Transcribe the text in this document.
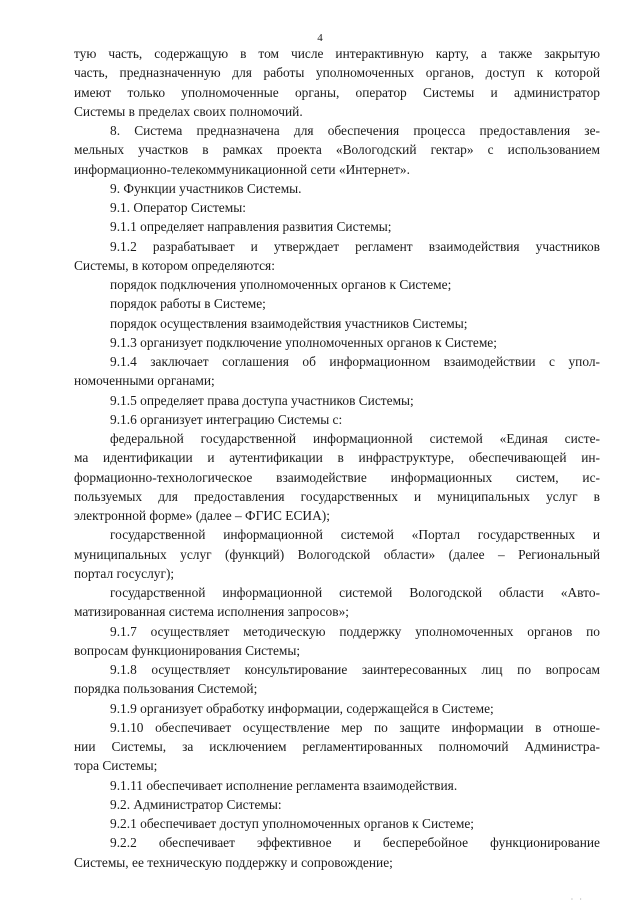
4
тую часть, содержащую в том числе интерактивную карту, а также закрытую
часть, предназначенную для работы уполномоченных органов, доступ к которой
имеют только уполномоченные органы, оператор Системы и администратор
Системы в пределах своих полномочий.
8. Система предназначена для обеспечения процесса предоставления зе-
мельных участков в рамках проекта «Вологодский гектар» с использованием
информационно-телекоммуникационной сети «Интернет».
9. Функции участников Системы.
9.1. Оператор Системы:
9.1.1 определяет направления развития Системы;
9.1.2 разрабатывает и утверждает регламент взаимодействия участников
Системы, в котором определяются:
порядок подключения уполномоченных органов к Системе;
порядок работы в Системе;
порядок осуществления взаимодействия участников Системы;
9.1.3 организует подключение уполномоченных органов к Системе;
9.1.4 заключает соглашения об информационном взаимодействии с упол-
номоченными органами;
9.1.5 определяет права доступа участников Системы;
9.1.6 организует интеграцию Системы с:
федеральной государственной информационной системой «Единая систе-
ма идентификации и аутентификации в инфраструктуре, обеспечивающей ин-
формационно-технологическое взаимодействие информационных систем, ис-
пользуемых для предоставления государственных и муниципальных услуг в
электронной форме» (далее – ФГИС ЕСИА);
государственной информационной системой «Портал государственных и
муниципальных услуг (функций) Вологодской области» (далее – Региональный
портал госуслуг);
государственной информационной системой Вологодской области «Авто-
матизированная система исполнения запросов»;
9.1.7 осуществляет методическую поддержку уполномоченных органов по
вопросам функционирования Системы;
9.1.8 осуществляет консультирование заинтересованных лиц по вопросам
порядка пользования Системой;
9.1.9 организует обработку информации, содержащейся в Системе;
9.1.10 обеспечивает осуществление мер по защите информации в отноше-
нии Системы, за исключением регламентированных полномочий Администра-
тора Системы;
9.1.11 обеспечивает исполнение регламента взаимодействия.
9.2. Администратор Системы:
9.2.1 обеспечивает доступ уполномоченных органов к Системе;
9.2.2 обеспечивает эффективное и бесперебойное функционирование
Системы, ее техническую поддержку и сопровождение;
· ·
